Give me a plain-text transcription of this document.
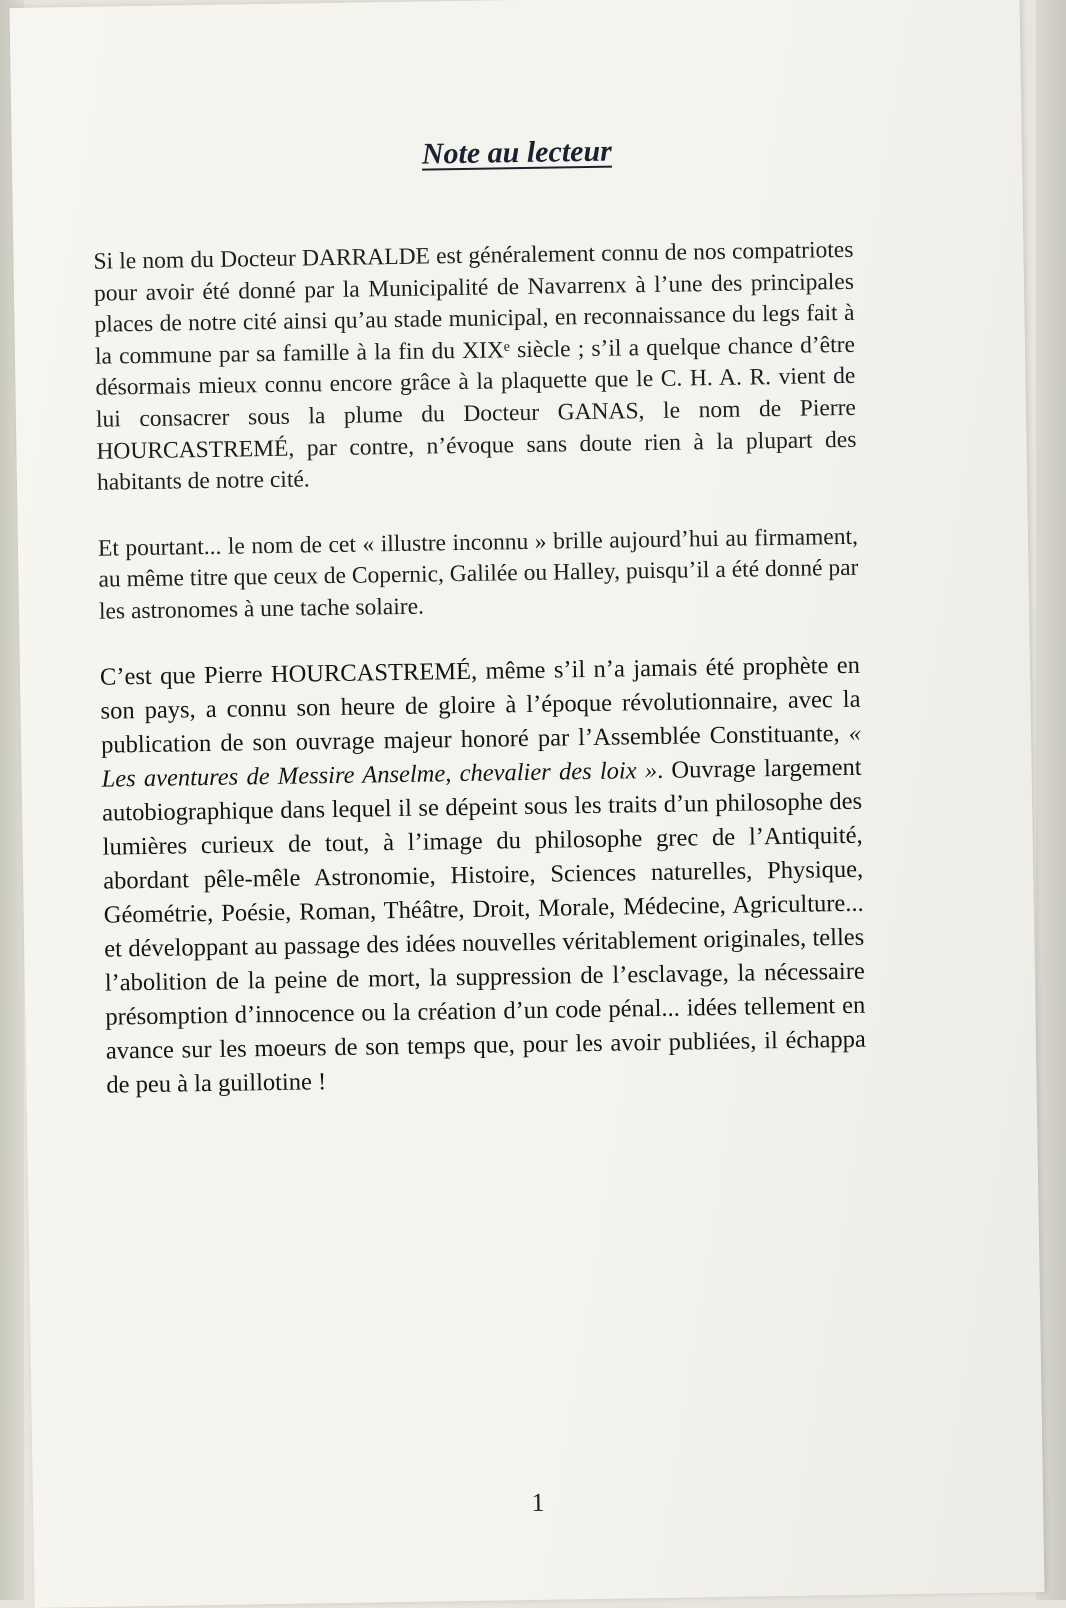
Note au lecteur

Si le nom du Docteur DARRALDE est généralement connu de nos compatriotes pour avoir été donné par la Municipalité de Navarrenx à l’une des principales places de notre cité ainsi qu’au stade municipal, en reconnaissance du legs fait à la commune par sa famille à la fin du XIXᵉ siècle ; s’il a quelque chance d’être désormais mieux connu encore grâce à la plaquette que le C. H. A. R. vient de lui consacrer sous la plume du Docteur GANAS, le nom de Pierre HOURCASTREMÉ, par contre, n’évoque sans doute rien à la plupart des habitants de notre cité.

Et pourtant... le nom de cet « illustre inconnu » brille aujourd’hui au firmament, au même titre que ceux de Copernic, Galilée ou Halley, puisqu’il a été donné par les astronomes à une tache solaire.

C’est que Pierre HOURCASTREMÉ, même s’il n’a jamais été prophète en son pays, a connu son heure de gloire à l’époque révolutionnaire, avec la publication de son ouvrage majeur honoré par l’Assemblée Constituante, « Les aventures de Messire Anselme, chevalier des loix ». Ouvrage largement autobiographique dans lequel il se dépeint sous les traits d’un philosophe des lumières curieux de tout, à l’image du philosophe grec de l’Antiquité, abordant pêle-mêle Astronomie, Histoire, Sciences naturelles, Physique, Géométrie, Poésie, Roman, Théâtre, Droit, Morale, Médecine, Agriculture... et développant au passage des idées nouvelles véritablement originales, telles l’abolition de la peine de mort, la suppression de l’esclavage, la nécessaire présomption d’innocence ou la création d’un code pénal... idées tellement en avance sur les moeurs de son temps que, pour les avoir publiées, il échappa de peu à la guillotine !

1
